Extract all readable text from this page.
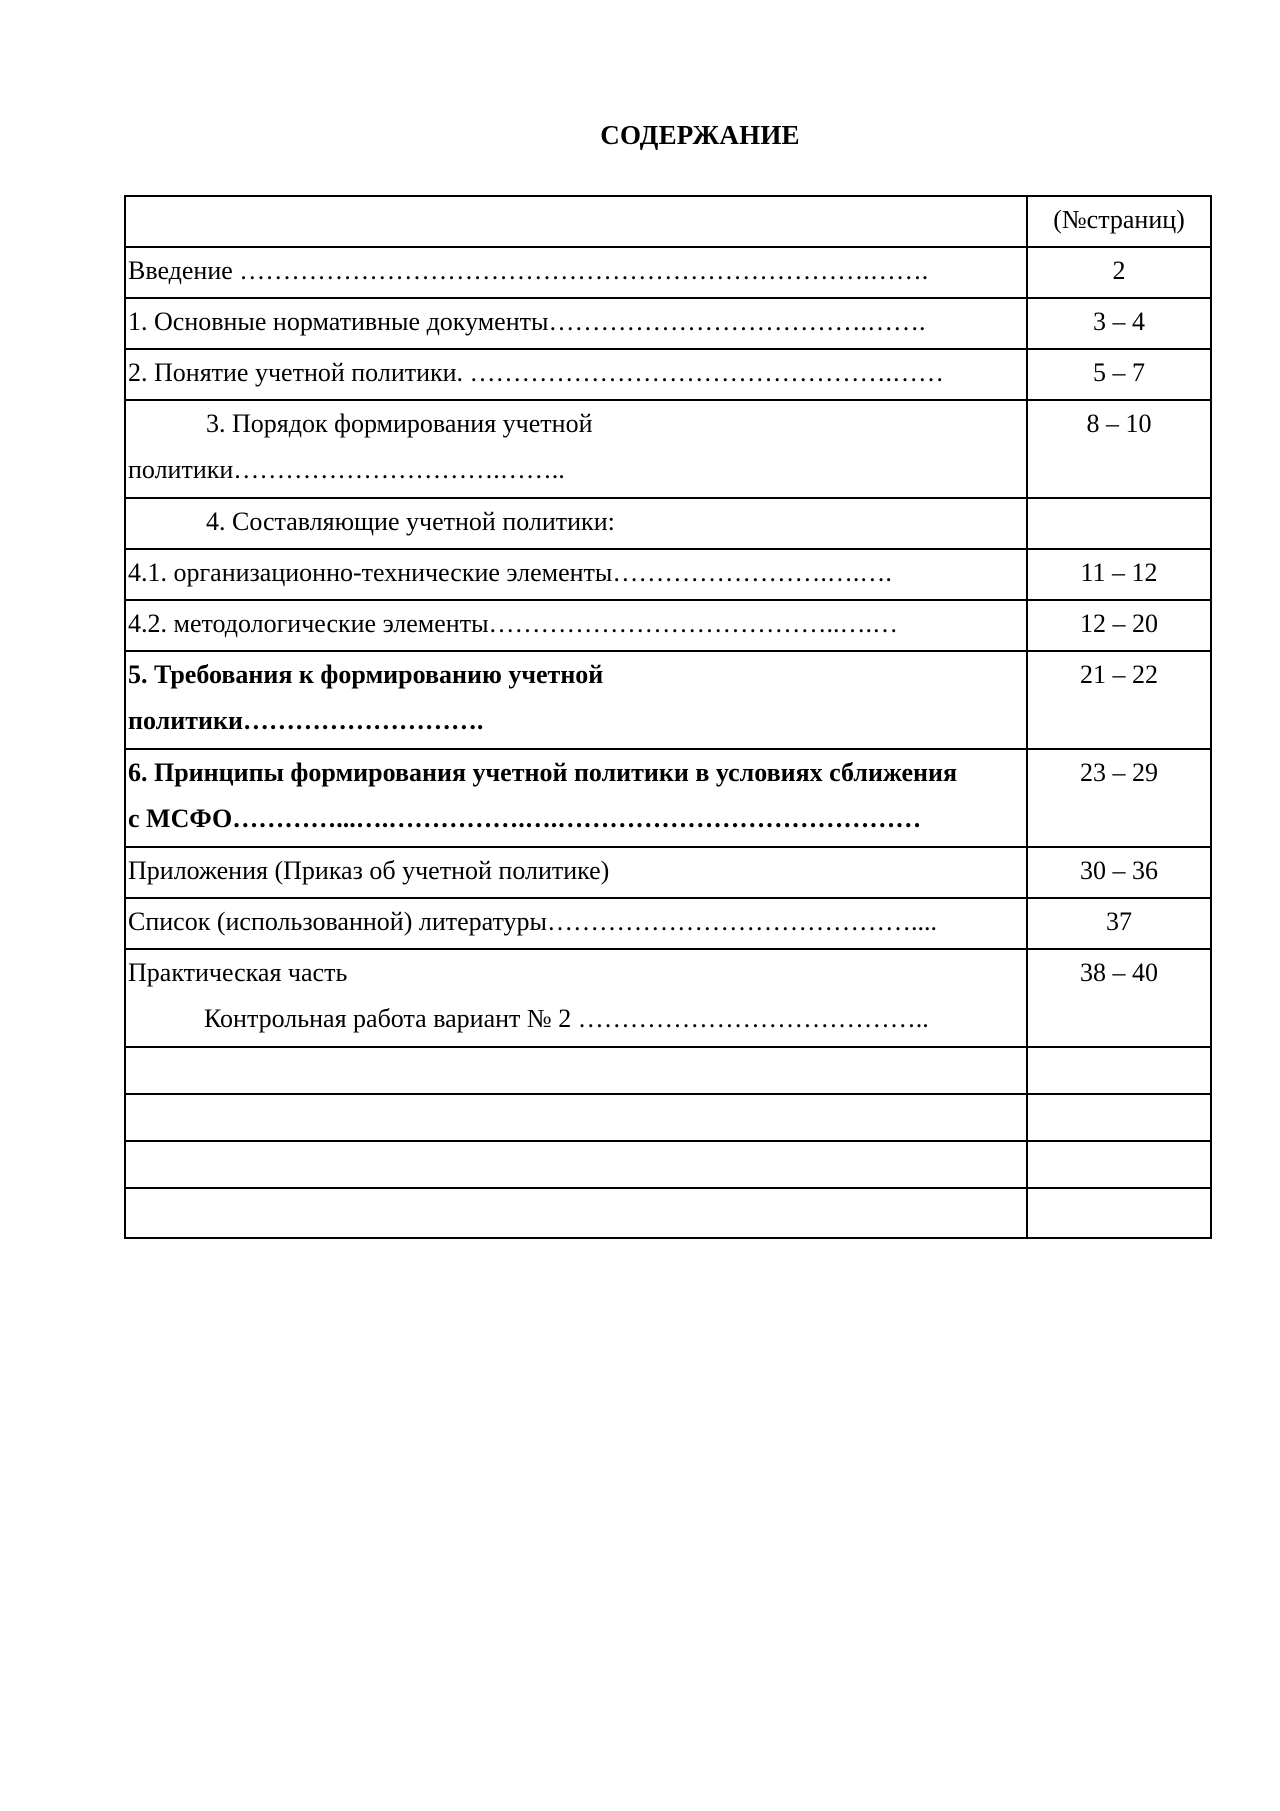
СОДЕРЖАНИЕ
	(№страниц)
Введение ……………………………………………………………….…….	2
1. Основные нормативные документы……………………………….…….	3 – 4
2. Понятие учетной политики. ………………………………………….……	5 – 7

3. Порядок формирования учетной
политики………………………….……..	8 – 10

4. Составляющие учетной политики:	

4.1. организационно-технические элементы…………………….….….	11 – 12
4.2. методологические элементы…………………………………..….…	12 – 20

5. Требования к формированию учетной
политики……………………….	21 – 22

6. Принципы формирования учетной политики в условиях сближения
с МСФО…………...….…………….….……………………………………	23 – 29
Приложения (Приказ об учетной политике)	30 – 36
Список (использованной) литературы……………………………………....	37

Практическая часть
Контрольная работа вариант № 2 …………………………………..	38 – 40
